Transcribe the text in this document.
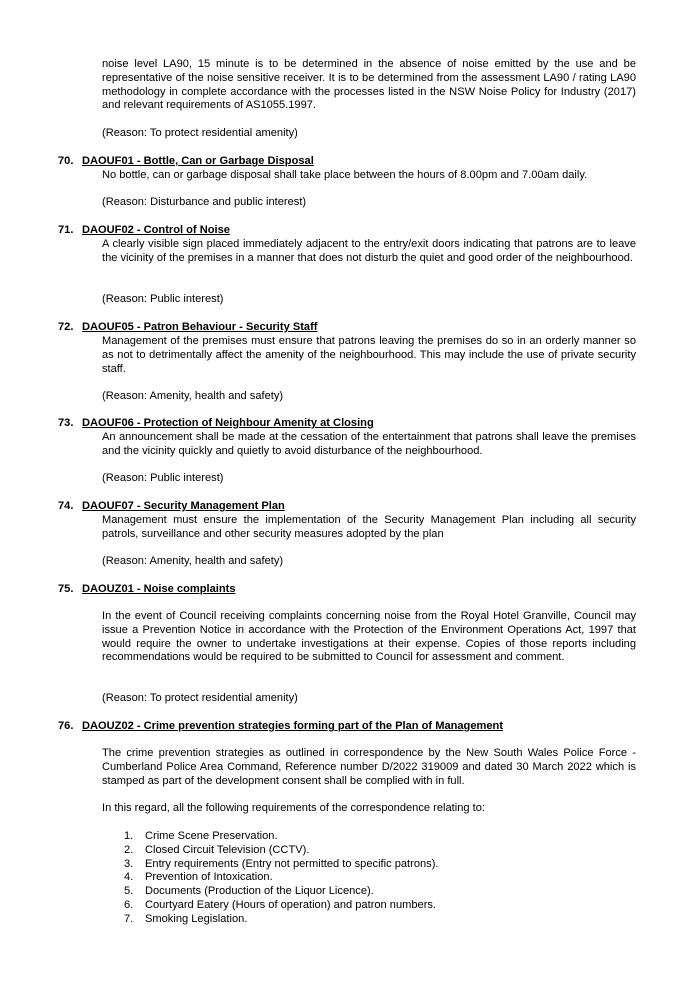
noise level LA90, 15 minute is to be determined in the absence of noise emitted by the use and be representative of the noise sensitive receiver. It is to be determined from the assessment LA90 / rating LA90 methodology in complete accordance with the processes listed in the NSW Noise Policy for Industry (2017) and relevant requirements of AS1055.1997.

(Reason: To protect residential amenity)

70. DAOUF01 - Bottle, Can or Garbage Disposal

No bottle, can or garbage disposal shall take place between the hours of 8.00pm and 7.00am daily.

(Reason: Disturbance and public interest)

71. DAOUF02 - Control of Noise

A clearly visible sign placed immediately adjacent to the entry/exit doors indicating that patrons are to leave the vicinity of the premises in a manner that does not disturb the quiet and good order of the neighbourhood.

(Reason: Public interest)

72. DAOUF05 - Patron Behaviour - Security Staff

Management of the premises must ensure that patrons leaving the premises do so in an orderly manner so as not to detrimentally affect the amenity of the neighbourhood. This may include the use of private security staff.

(Reason: Amenity, health and safety)

73. DAOUF06 - Protection of Neighbour Amenity at Closing

An announcement shall be made at the cessation of the entertainment that patrons shall leave the premises and the vicinity quickly and quietly to avoid disturbance of the neighbourhood.

(Reason: Public interest)

74. DAOUF07 - Security Management Plan

Management must ensure the implementation of the Security Management Plan including all security patrols, surveillance and other security measures adopted by the plan

(Reason: Amenity, health and safety)

75. DAOUZ01 - Noise complaints

In the event of Council receiving complaints concerning noise from the Royal Hotel Granville, Council may issue a Prevention Notice in accordance with the Protection of the Environment Operations Act, 1997 that would require the owner to undertake investigations at their expense. Copies of those reports including recommendations would be required to be submitted to Council for assessment and comment.

(Reason: To protect residential amenity)

76. DAOUZ02 - Crime prevention strategies forming part of the Plan of Management

The crime prevention strategies as outlined in correspondence by the New South Wales Police Force - Cumberland Police Area Command, Reference number D/2022 319009 and dated 30 March 2022 which is stamped as part of the development consent shall be complied with in full.

In this regard, all the following requirements of the correspondence relating to:

1. Crime Scene Preservation.
2. Closed Circuit Television (CCTV).
3. Entry requirements (Entry not permitted to specific patrons).
4. Prevention of Intoxication.
5. Documents (Production of the Liquor Licence).
6. Courtyard Eatery (Hours of operation) and patron numbers.
7. Smoking Legislation.
